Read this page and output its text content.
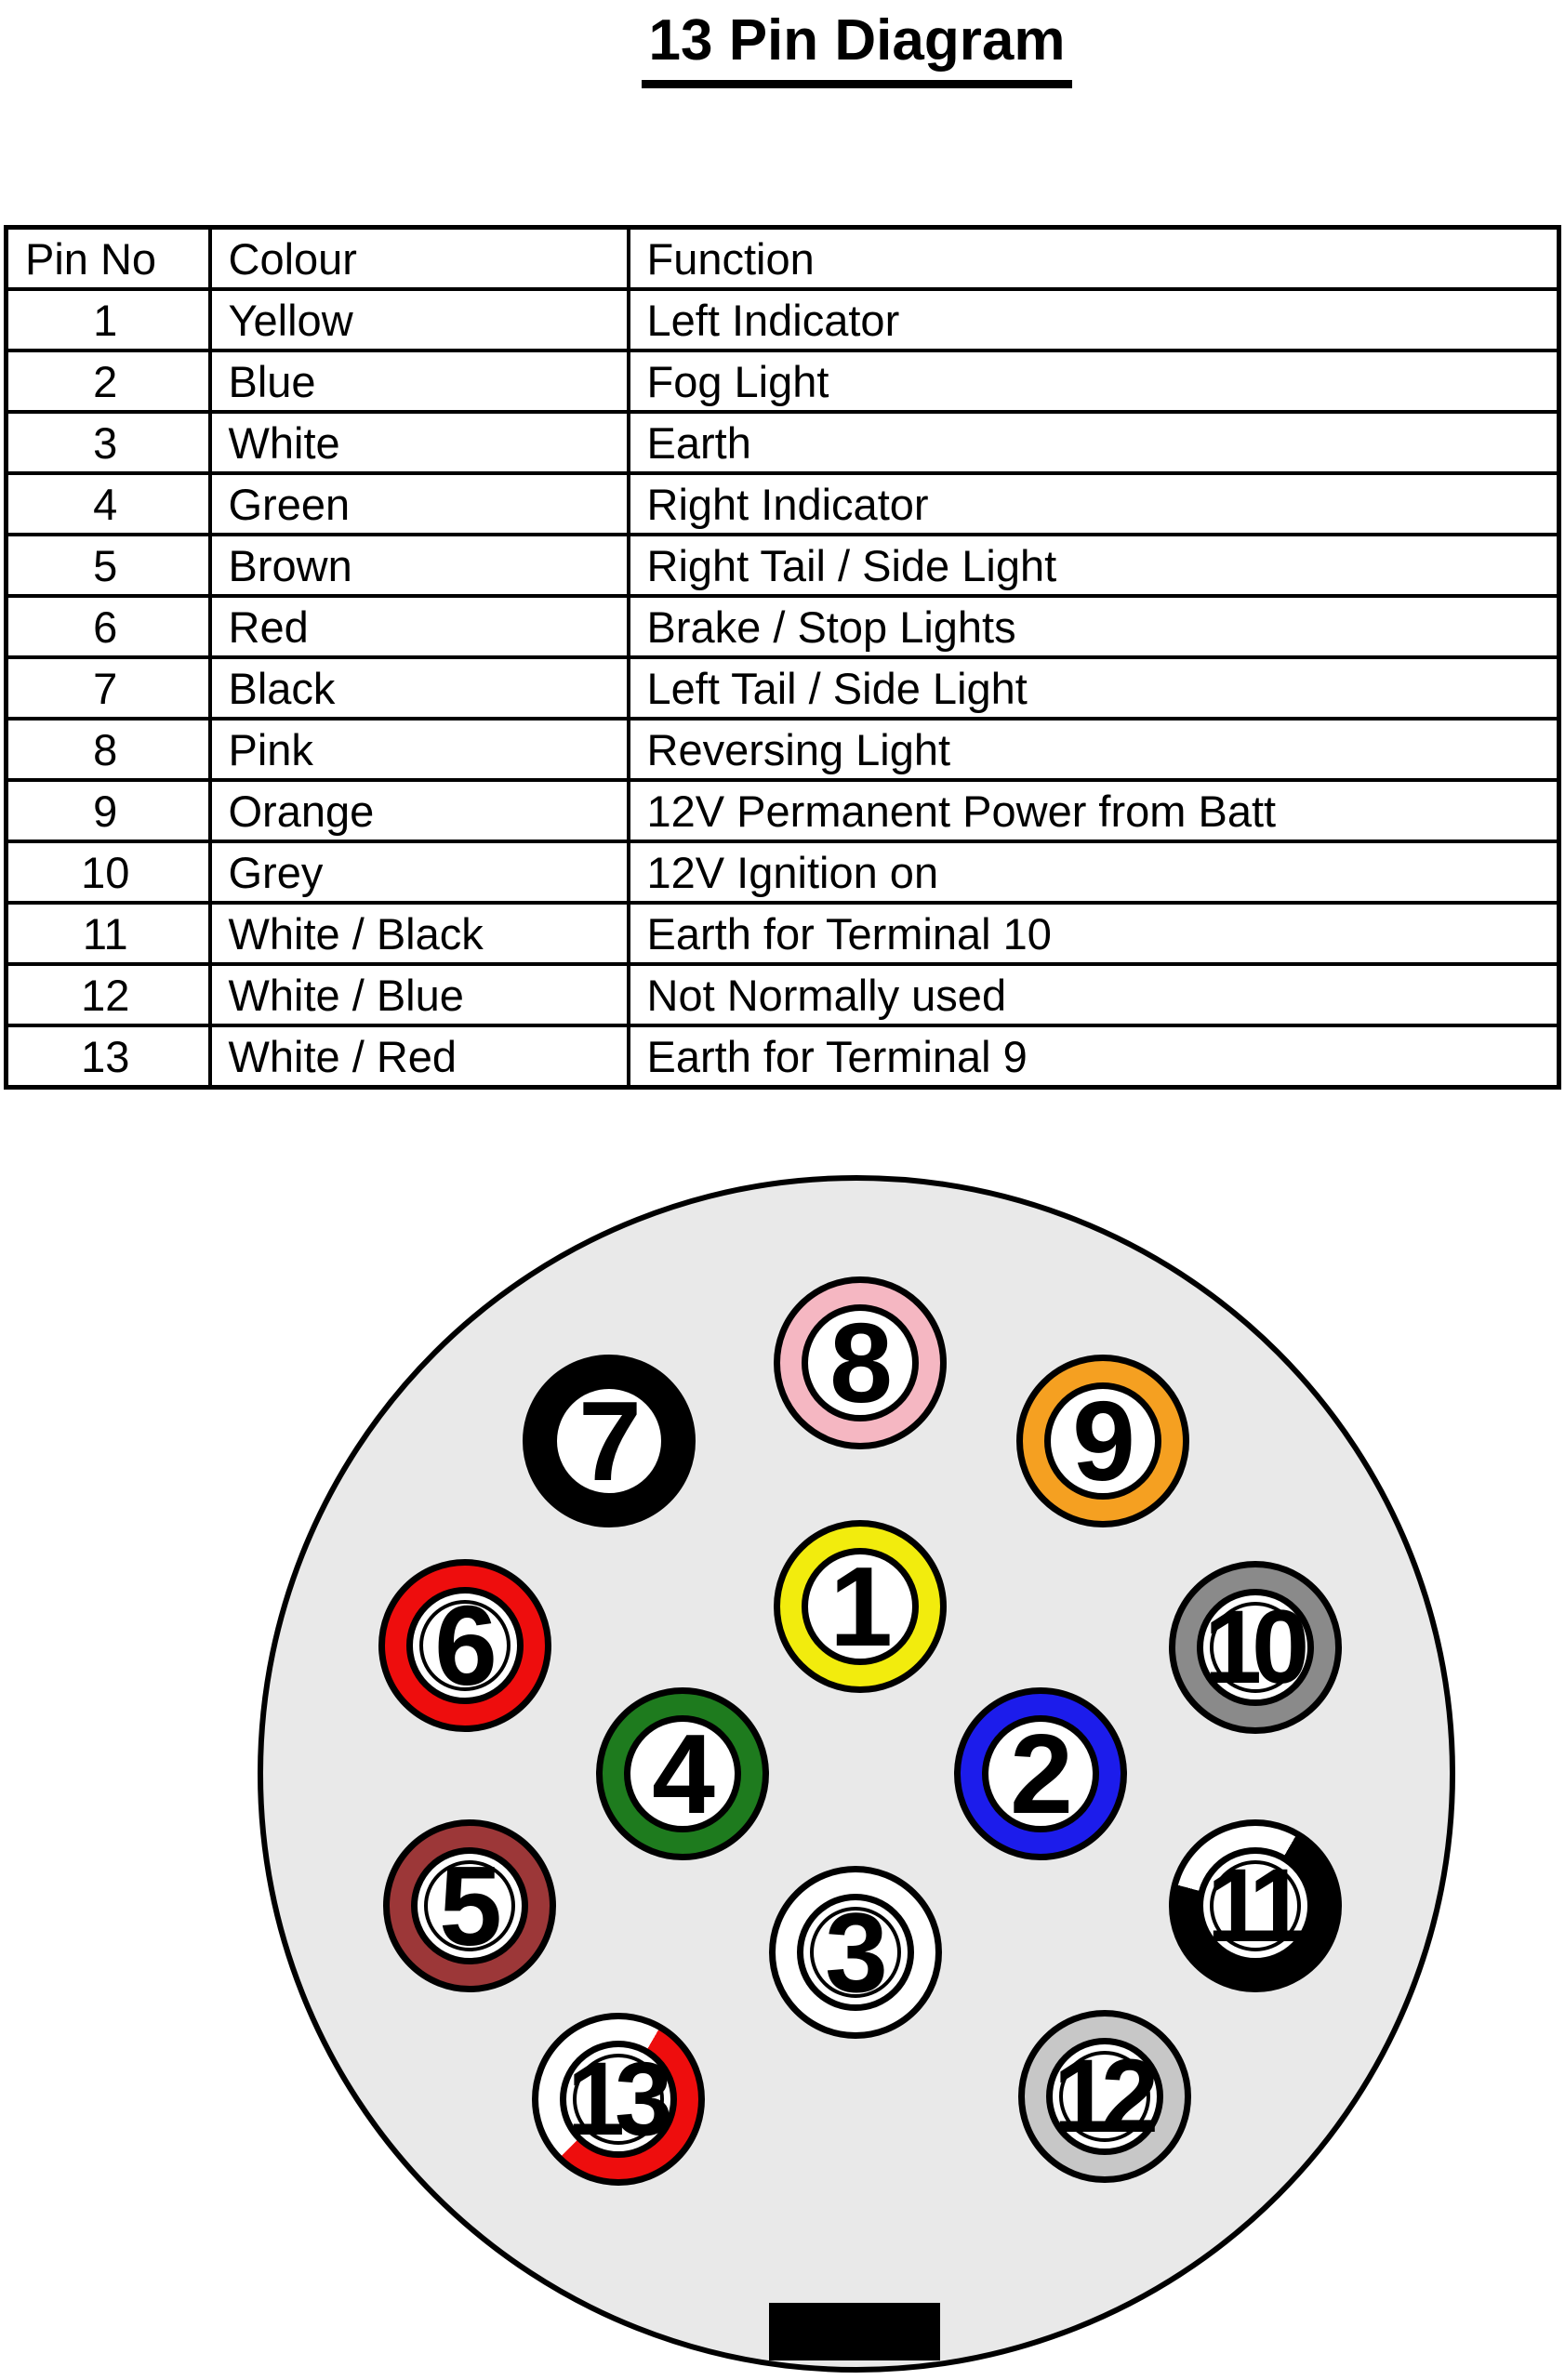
13 Pin Diagram
Pin No	Colour	Function
1	Yellow	Left Indicator
2	Blue	Fog Light
3	White	Earth
4	Green	Right Indicator
5	Brown	Right Tail / Side Light
6	Red	Brake / Stop Lights
7	Black	Left Tail / Side Light
8	Pink	Reversing Light
9	Orange	12V Permanent Power from Batt
10	Grey	12V Ignition on
11	White / Black	Earth for Terminal 10
12	White / Blue	Not Normally used
13	White / Red	Earth for Terminal 9
1
2
3
4
5
6
7
8
9
10
11
12
13
